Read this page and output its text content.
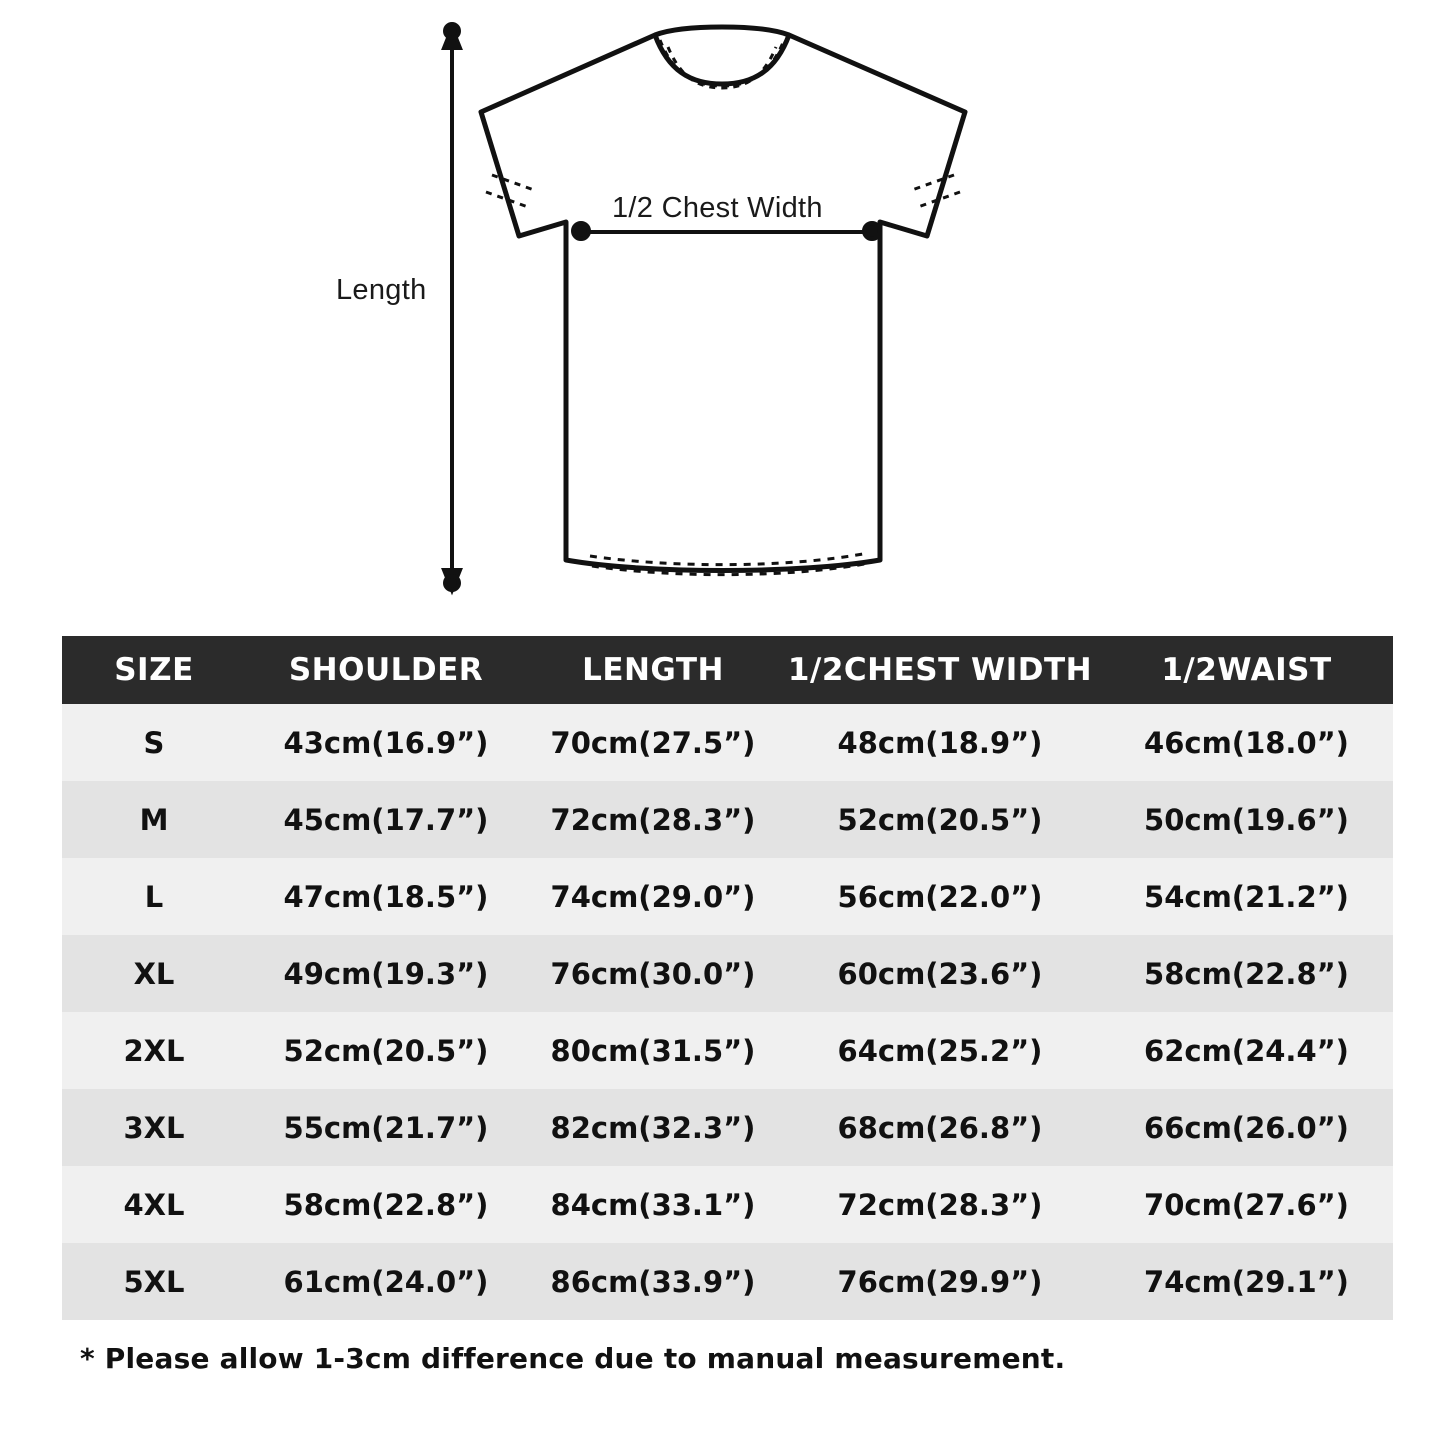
Length
1/2 Chest Width
SIZE	SHOULDER	LENGTH	1/2CHEST WIDTH	1/2WAIST
S	43cm(16.9”)	70cm(27.5”)	48cm(18.9”)	46cm(18.0”)
M	45cm(17.7”)	72cm(28.3”)	52cm(20.5”)	50cm(19.6”)
L	47cm(18.5”)	74cm(29.0”)	56cm(22.0”)	54cm(21.2”)
XL	49cm(19.3”)	76cm(30.0”)	60cm(23.6”)	58cm(22.8”)
2XL	52cm(20.5”)	80cm(31.5”)	64cm(25.2”)	62cm(24.4”)
3XL	55cm(21.7”)	82cm(32.3”)	68cm(26.8”)	66cm(26.0”)
4XL	58cm(22.8”)	84cm(33.1”)	72cm(28.3”)	70cm(27.6”)
5XL	61cm(24.0”)	86cm(33.9”)	76cm(29.9”)	74cm(29.1”)
* Please allow 1-3cm difference due to manual measurement.
